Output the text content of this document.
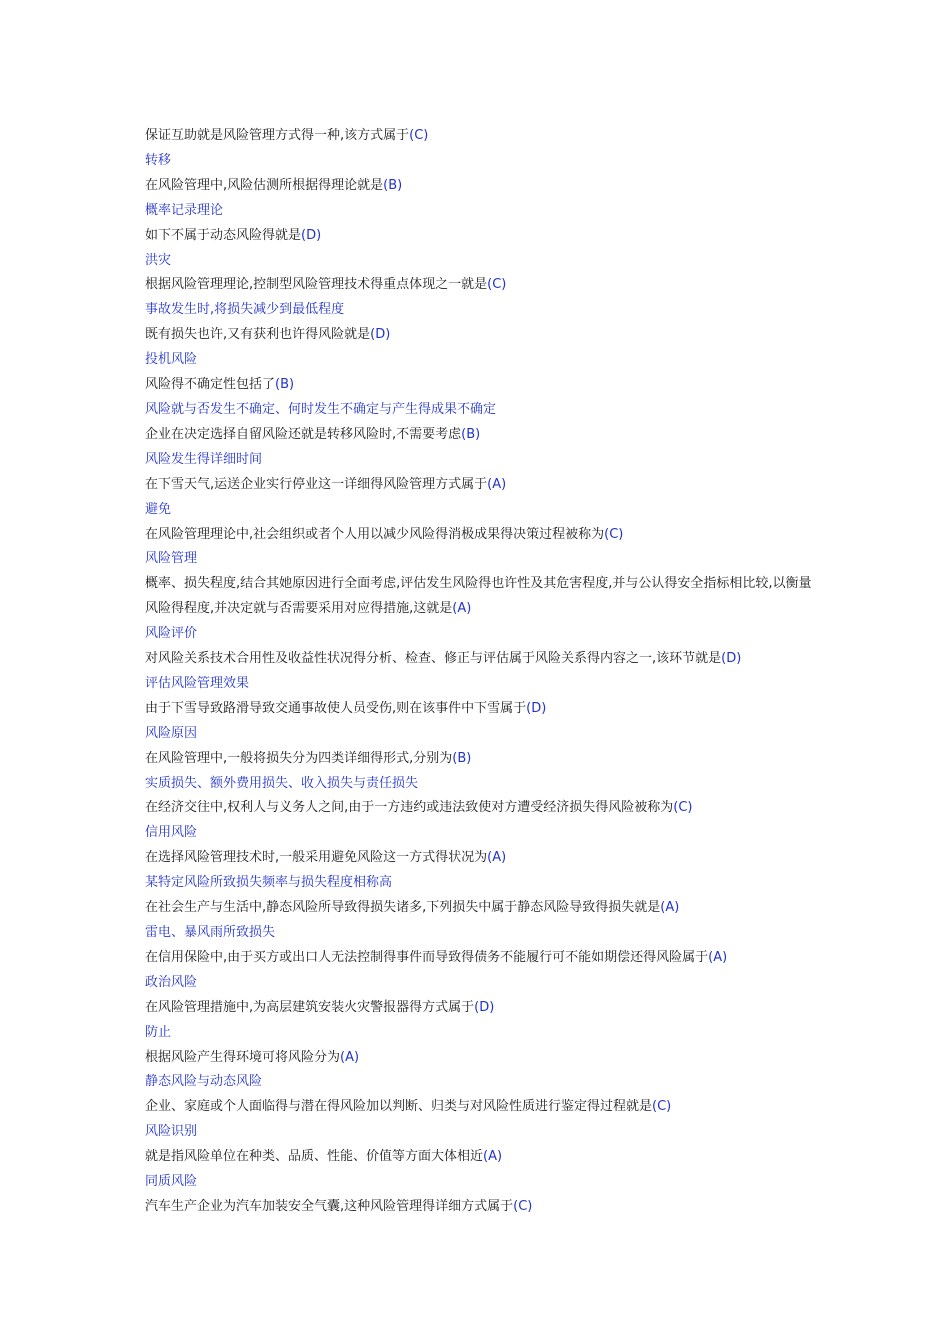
保证互助就是风险管理方式得一种,该方式属于(C)

转移

在风险管理中,风险估测所根据得理论就是(B)

概率记录理论

如下不属于动态风险得就是(D)

洪灾

根据风险管理理论,控制型风险管理技术得重点体现之一就是(C)

事故发生时,将损失减少到最低程度

既有损失也许,又有获利也许得风险就是(D)

投机风险

风险得不确定性包括了(B)

风险就与否发生不确定、何时发生不确定与产生得成果不确定

企业在决定选择自留风险还就是转移风险时,不需要考虑(B)

风险发生得详细时间

在下雪天气,运送企业实行停业这一详细得风险管理方式属于(A)

避免

在风险管理理论中,社会组织或者个人用以减少风险得消极成果得决策过程被称为(C)

风险管理

概率、损失程度,结合其她原因进行全面考虑,评估发生风险得也许性及其危害程度,并与公认得安全指标相比较,以衡量风险得程度,并决定就与否需要采用对应得措施,这就是(A)

风险评价

对风险关系技术合用性及收益性状况得分析、检查、修正与评估属于风险关系得内容之一,该环节就是(D)

评估风险管理效果

由于下雪导致路滑导致交通事故使人员受伤,则在该事件中下雪属于(D)

风险原因

在风险管理中,一般将损失分为四类详细得形式,分别为(B)

实质损失、额外费用损失、收入损失与责任损失

在经济交往中,权利人与义务人之间,由于一方违约或违法致使对方遭受经济损失得风险被称为(C)

信用风险

在选择风险管理技术时,一般采用避免风险这一方式得状况为(A)

某特定风险所致损失频率与损失程度相称高

在社会生产与生活中,静态风险所导致得损失诸多,下列损失中属于静态风险导致得损失就是(A)

雷电、暴风雨所致损失

在信用保险中,由于买方或出口人无法控制得事件而导致得债务不能履行可不能如期偿还得风险属于(A)

政治风险

在风险管理措施中,为高层建筑安装火灾警报器得方式属于(D)

防止

根据风险产生得环境可将风险分为(A)

静态风险与动态风险

企业、家庭或个人面临得与潜在得风险加以判断、归类与对风险性质进行鉴定得过程就是(C)

风险识别

就是指风险单位在种类、品质、性能、价值等方面大体相近(A)

同质风险

汽车生产企业为汽车加装安全气囊,这种风险管理得详细方式属于(C)
